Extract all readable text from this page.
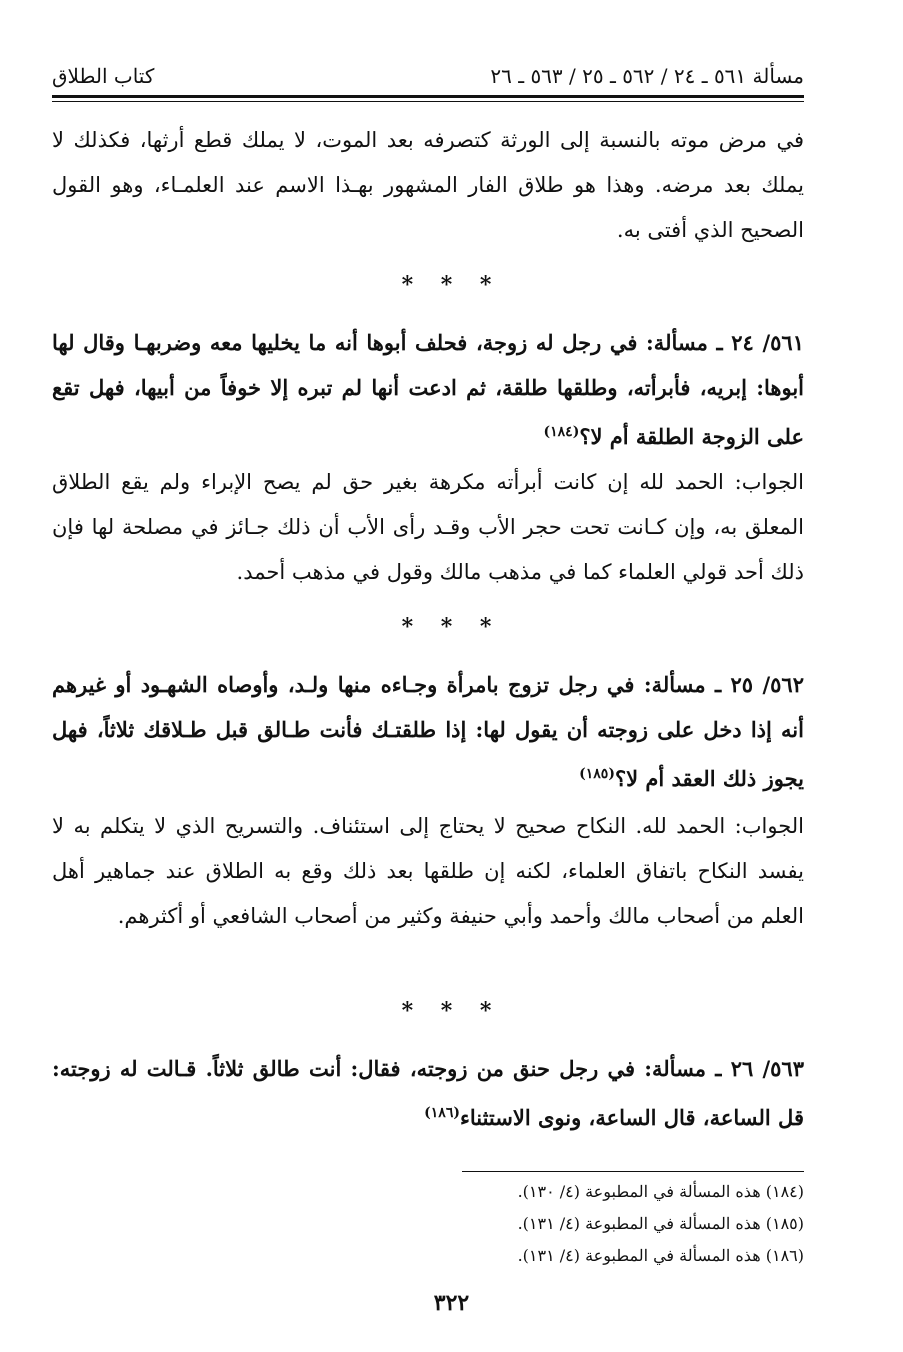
مسألة ٥٦١ ـ ٢٤ / ٥٦٢ ـ ٢٥ / ٥٦٣ ـ ٢٦
كتاب الطلاق

في مرض موته بالنسبة إلى الورثة كتصرفه بعد الموت، لا يملك قطع أرثها، فكذلك لا يملك بعد مرضه. وهذا هو طلاق الفار المشهور بهـذا الاسم عند العلمـاء، وهو القول الصحيح الذي أفتى به.

* * *

٥٦١/ ٢٤ ـ مسألة: في رجل له زوجة، فحلف أبوها أنه ما يخليها معه وضربهـا وقال لها أبوها: إبريه، فأبرأته، وطلقها طلقة، ثم ادعت أنها لم تبره إلا خوفاً من أبيها، فهل تقع على الزوجة الطلقة أم لا؟$^{(١٨٤)}$

الجواب: الحمد لله إن كانت أبرأته مكرهة بغير حق لم يصح الإبراء ولم يقع الطلاق المعلق به، وإن كـانت تحت حجر الأب وقـد رأى الأب أن ذلك جـائز في مصلحة لها فإن ذلك أحد قولي العلماء كما في مذهب مالك وقول في مذهب أحمد.

* * *

٥٦٢/ ٢٥ ـ مسألة: في رجل تزوج بامرأة وجـاءه منها ولـد، وأوصاه الشهـود أو غيرهم أنه إذا دخل على زوجته أن يقول لها: إذا طلقتـك فأنت طـالق قبل طـلاقك ثلاثاً، فهل يجوز ذلك العقد أم لا؟$^{(١٨٥)}$

الجواب: الحمد لله. النكاح صحيح لا يحتاج إلى استئناف. والتسريح الذي لا يتكلم به لا يفسد النكاح باتفاق العلماء، لكنه إن طلقها بعد ذلك وقع به الطلاق عند جماهير أهل العلم من أصحاب مالك وأحمد وأبي حنيفة وكثير من أصحاب الشافعي أو أكثرهم.

* * *

٥٦٣/ ٢٦ ـ مسألة: في رجل حنق من زوجته، فقال: أنت طالق ثلاثاً. قـالت له زوجته: قل الساعة، قال الساعة، ونوى الاستثناء$^{(١٨٦)}$

(١٨٤) هذه المسألة في المطبوعة (٤/ ١٣٠).
(١٨٥) هذه المسألة في المطبوعة (٤/ ١٣١).
(١٨٦) هذه المسألة في المطبوعة (٤/ ١٣١).
٣٢٢
